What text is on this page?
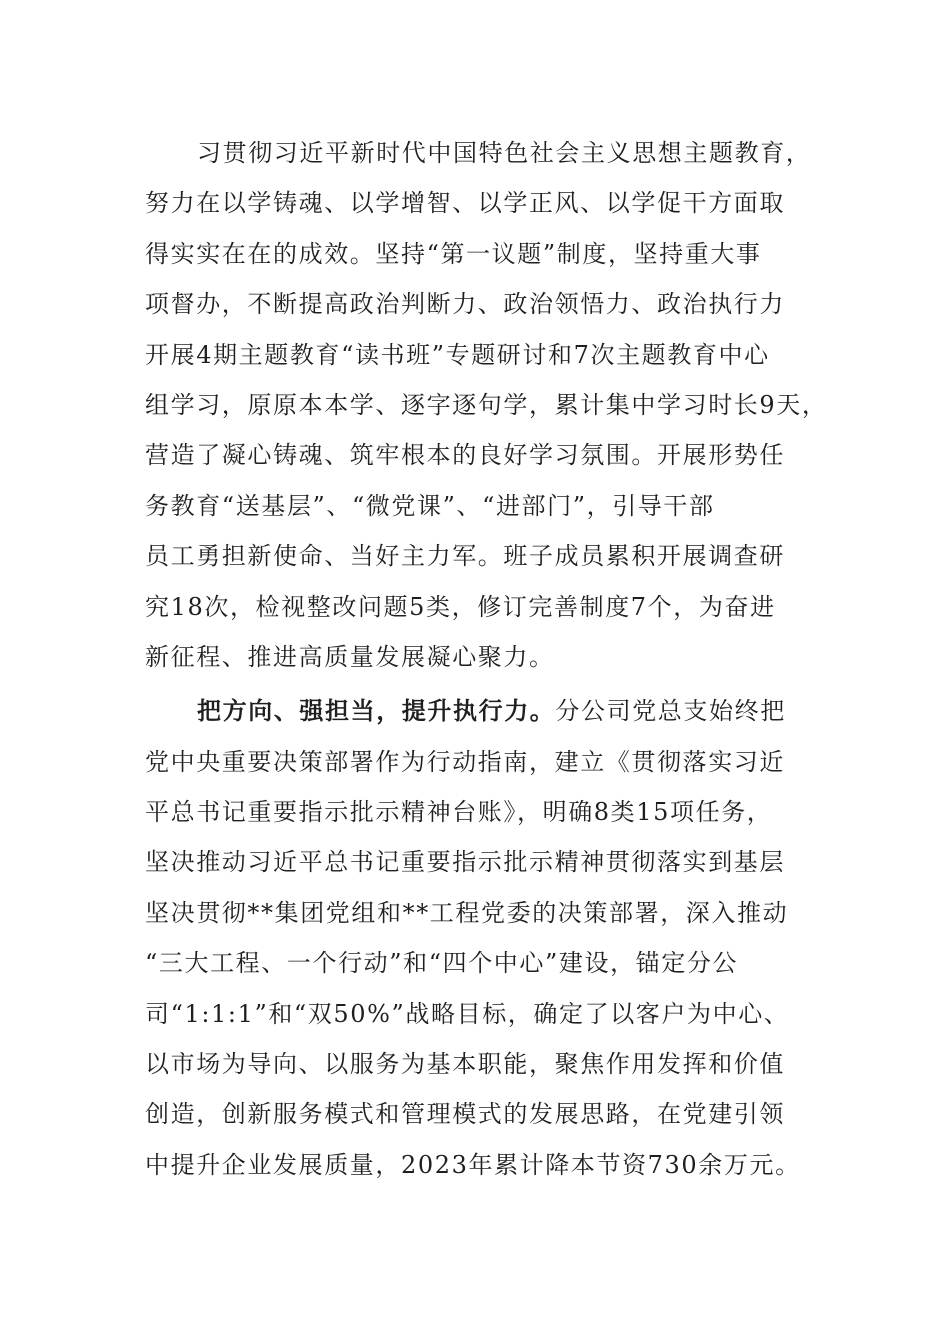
习贯彻习近平新时代中国特色社会主义思想主题教育，
努力在以学铸魂、以学增智、以学正风、以学促干方面取
得实实在在的成效。坚持“第一议题”制度，坚持重大事
项督办，不断提高政治判断力、政治领悟力、政治执行力
开展4期主题教育“读书班”专题研讨和7次主题教育中心
组学习，原原本本学、逐字逐句学，累计集中学习时长9天，
营造了凝心铸魂、筑牢根本的良好学习氛围。开展形势任
务教育“送基层”、“微党课”、“进部门”，引导干部
员工勇担新使命、当好主力军。班子成员累积开展调查研
究18次，检视整改问题5类，修订完善制度7个，为奋进
新征程、推进高质量发展凝心聚力。
把方向、强担当，提升执行力。分公司党总支始终把
党中央重要决策部署作为行动指南，建立《贯彻落实习近
平总书记重要指示批示精神台账》，明确8类15项任务，
坚决推动习近平总书记重要指示批示精神贯彻落实到基层
坚决贯彻**集团党组和**工程党委的决策部署，深入推动
“三大工程、一个行动”和“四个中心”建设，锚定分公
司“1:1:1”和“双50%”战略目标，确定了以客户为中心、
以市场为导向、以服务为基本职能，聚焦作用发挥和价值
创造，创新服务模式和管理模式的发展思路，在党建引领
中提升企业发展质量，2023年累计降本节资730余万元。
